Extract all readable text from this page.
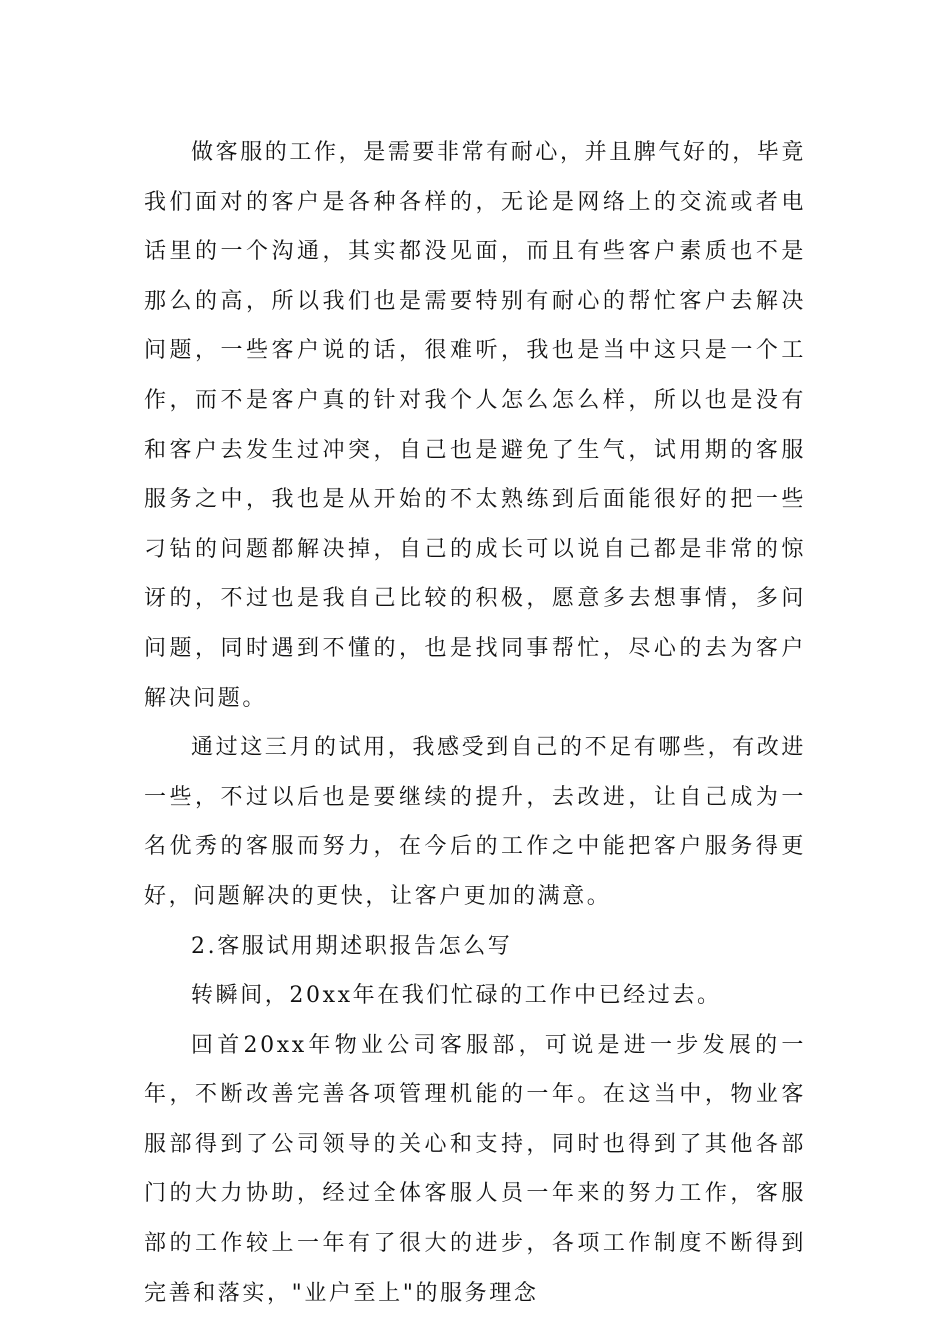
做客服的工作，是需要非常有耐心，并且脾气好的，毕竟我们面对的客户是各种各样的，无论是网络上的交流或者电话里的一个沟通，其实都没见面，而且有些客户素质也不是那么的高，所以我们也是需要特别有耐心的帮忙客户去解决问题，一些客户说的话，很难听，我也是当中这只是一个工作，而不是客户真的针对我个人怎么怎么样，所以也是没有和客户去发生过冲突，自己也是避免了生气，试用期的客服服务之中，我也是从开始的不太熟练到后面能很好的把一些刁钻的问题都解决掉，自己的成长可以说自己都是非常的惊讶的，不过也是我自己比较的积极，愿意多去想事情，多问问题，同时遇到不懂的，也是找同事帮忙，尽心的去为客户解决问题。

通过这三月的试用，我感受到自己的不足有哪些，有改进一些，不过以后也是要继续的提升，去改进，让自己成为一名优秀的客服而努力，在今后的工作之中能把客户服务得更好，问题解决的更快，让客户更加的满意。

2.客服试用期述职报告怎么写

转瞬间，20xx年在我们忙碌的工作中已经过去。

回首20xx年物业公司客服部，可说是进一步发展的一年，不断改善完善各项管理机能的一年。在这当中，物业客服部得到了公司领导的关心和支持，同时也得到了其他各部门的大力协助，经过全体客服人员一年来的努力工作，客服部的工作较上一年有了很大的进步，各项工作制度不断得到完善和落实，"业户至上"的服务理念
